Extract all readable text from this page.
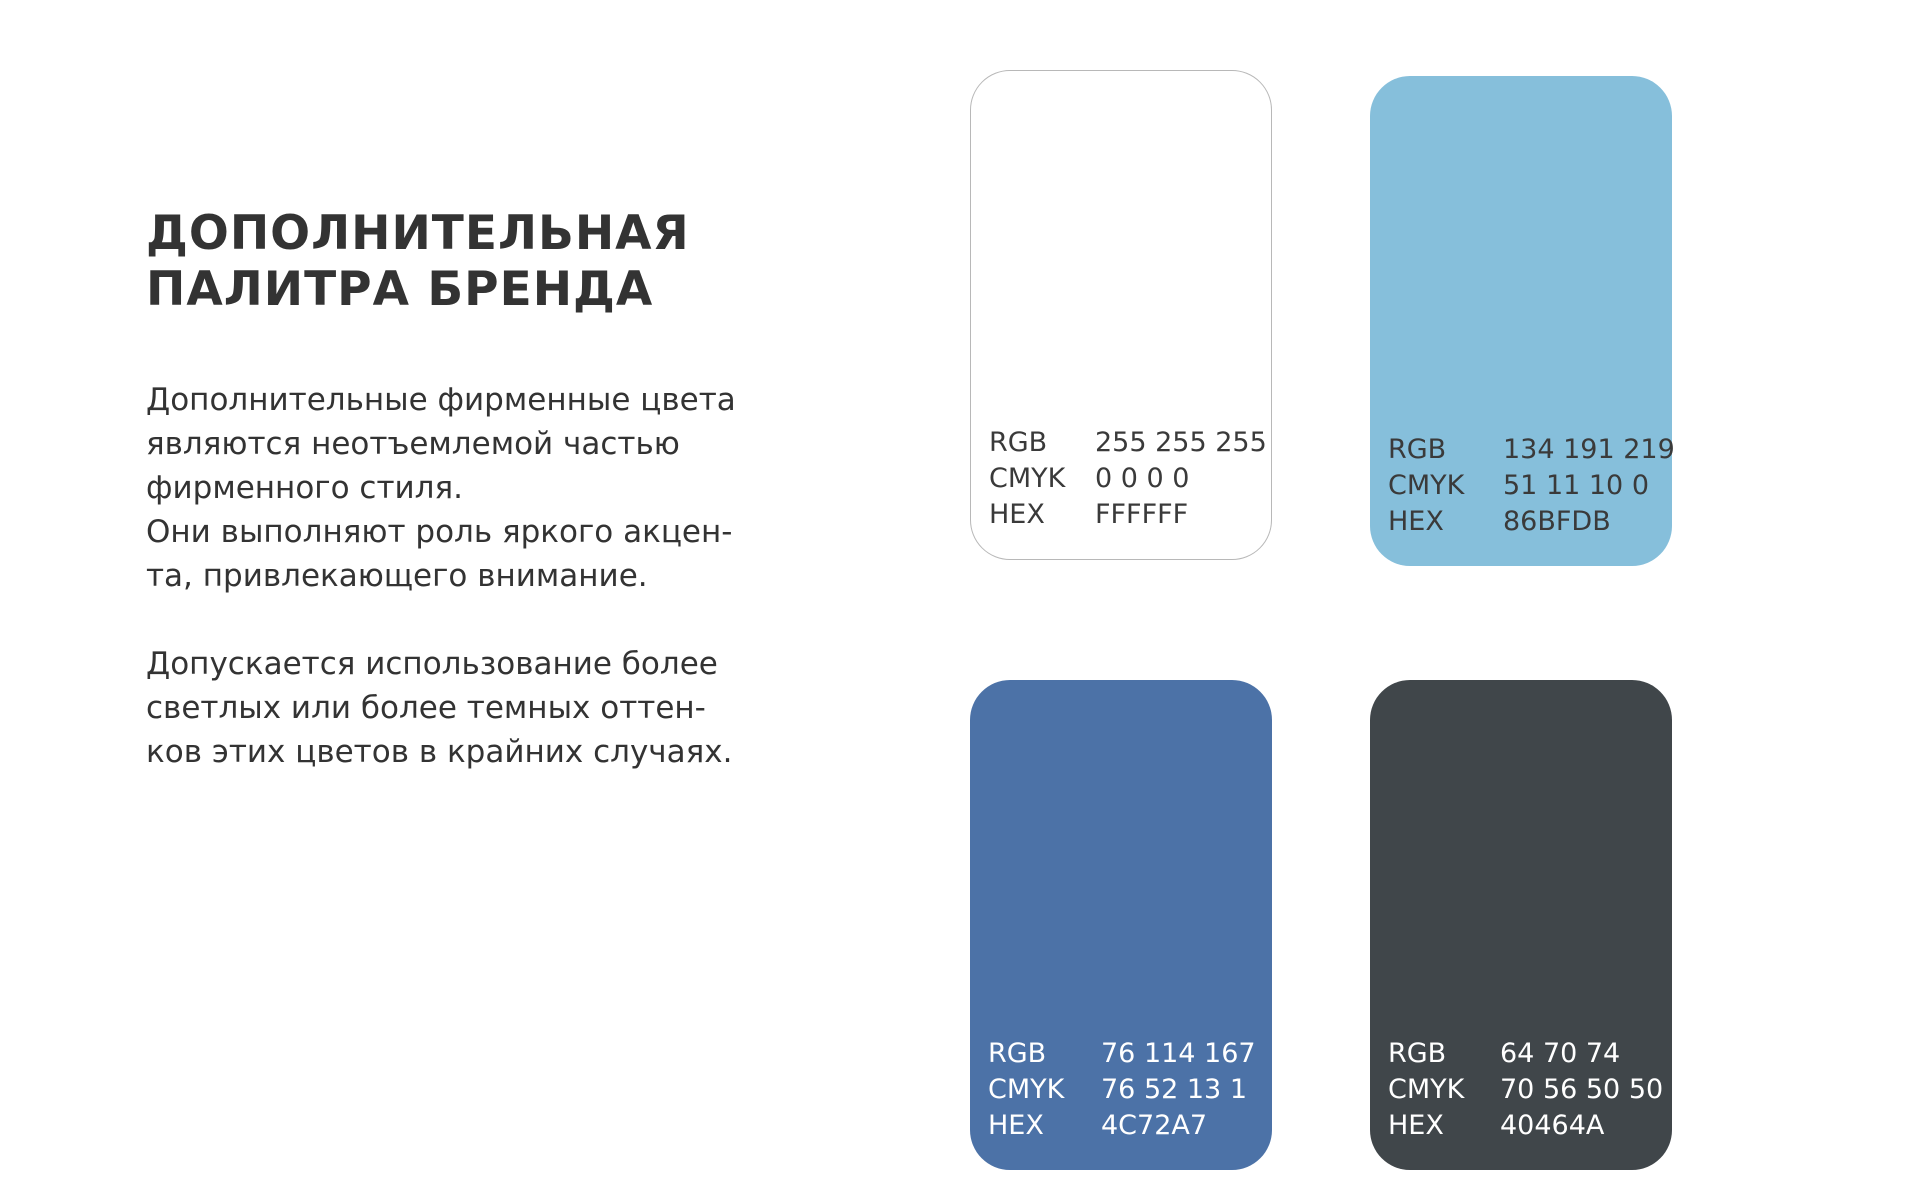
ДОПОЛНИТЕЛЬНАЯ
ПАЛИТРА БРЕНДА

Дополнительные фирменные цвета
являются неотъемлемой частью
фирменного стиля.
Они выполняют роль яркого акцен-
та, привлекающего внимание.

Допускается использование более
светлых или более темных оттен-
ков этих цветов в крайних случаях.

RGB	255 255 255
CMYK	0 0 0 0
HEX	FFFFFF
RGB	134 191 219
CMYK	51 11 10 0
HEX	86BFDB
RGB	76 114 167
CMYK	76 52 13 1
HEX	4C72A7
RGB	64 70 74
CMYK	70 56 50 50
HEX	40464A
